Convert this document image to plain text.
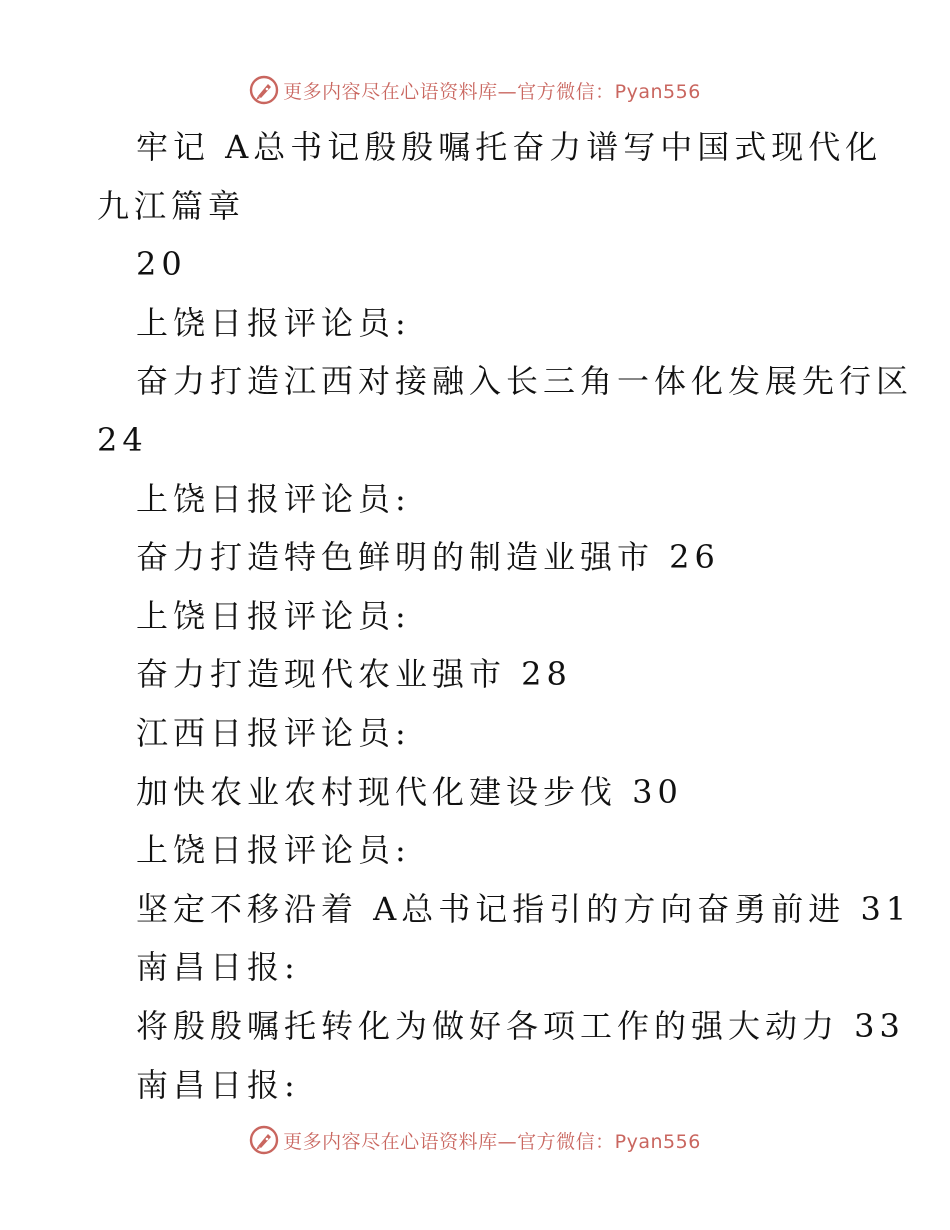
更多内容尽在心语资料库—官方微信：Pyan556
牢记 A总书记殷殷嘱托奋力谱写中国式现代化
九江篇章
20
上饶日报评论员:
奋力打造江西对接融入长三角一体化发展先行区
24
上饶日报评论员:
奋力打造特色鲜明的制造业强市 26
上饶日报评论员:
奋力打造现代农业强市 28
江西日报评论员:
加快农业农村现代化建设步伐 30
上饶日报评论员:
坚定不移沿着 A总书记指引的方向奋勇前进 31
南昌日报:
将殷殷嘱托转化为做好各项工作的强大动力 33
南昌日报:
更多内容尽在心语资料库—官方微信：Pyan556
